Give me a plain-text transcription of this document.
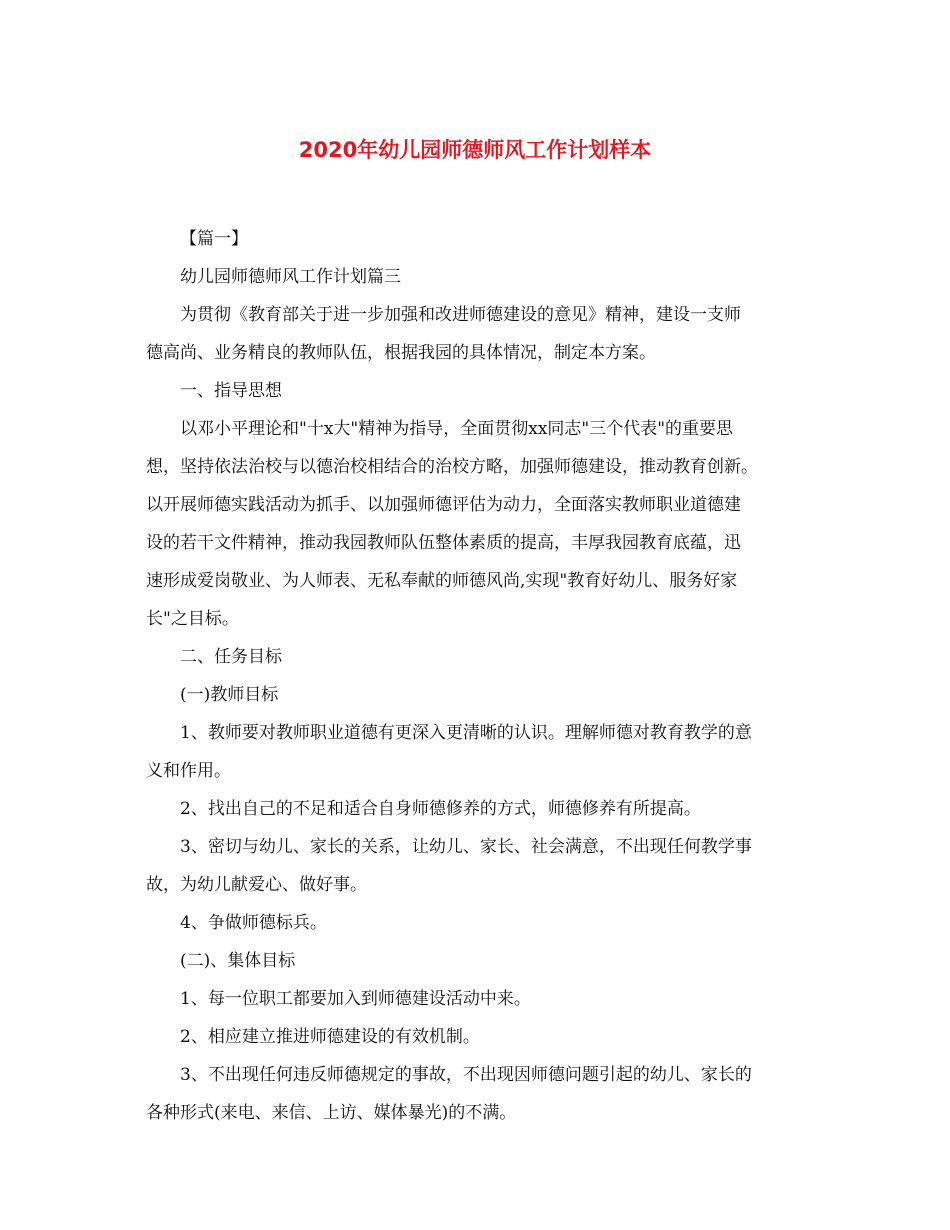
2020年幼儿园师德师风工作计划样本
【篇一】
幼儿园师德师风工作计划篇三
为贯彻《教育部关于进一步加强和改进师德建设的意见》精神，建设一支师
德高尚、业务精良的教师队伍，根据我园的具体情况，制定本方案。
一、指导思想
以邓小平理论和"十x大"精神为指导，全面贯彻xx同志"三个代表"的重要思
想，坚持依法治校与以德治校相结合的治校方略，加强师德建设，推动教育创新。
以开展师德实践活动为抓手、以加强师德评估为动力，全面落实教师职业道德建
设的若干文件精神，推动我园教师队伍整体素质的提高，丰厚我园教育底蕴，迅
速形成爱岗敬业、为人师表、无私奉献的师德风尚,实现"教育好幼儿、服务好家
长"之目标。
二、任务目标
(一)教师目标
1、教师要对教师职业道德有更深入更清晰的认识。理解师德对教育教学的意
义和作用。
2、找出自己的不足和适合自身师德修养的方式，师德修养有所提高。
3、密切与幼儿、家长的关系，让幼儿、家长、社会满意，不出现任何教学事
故，为幼儿献爱心、做好事。
4、争做师德标兵。
(二)、集体目标
1、每一位职工都要加入到师德建设活动中来。
2、相应建立推进师德建设的有效机制。
3、不出现任何违反师德规定的事故，不出现因师德问题引起的幼儿、家长的
各种形式(来电、来信、上访、媒体暴光)的不满。
